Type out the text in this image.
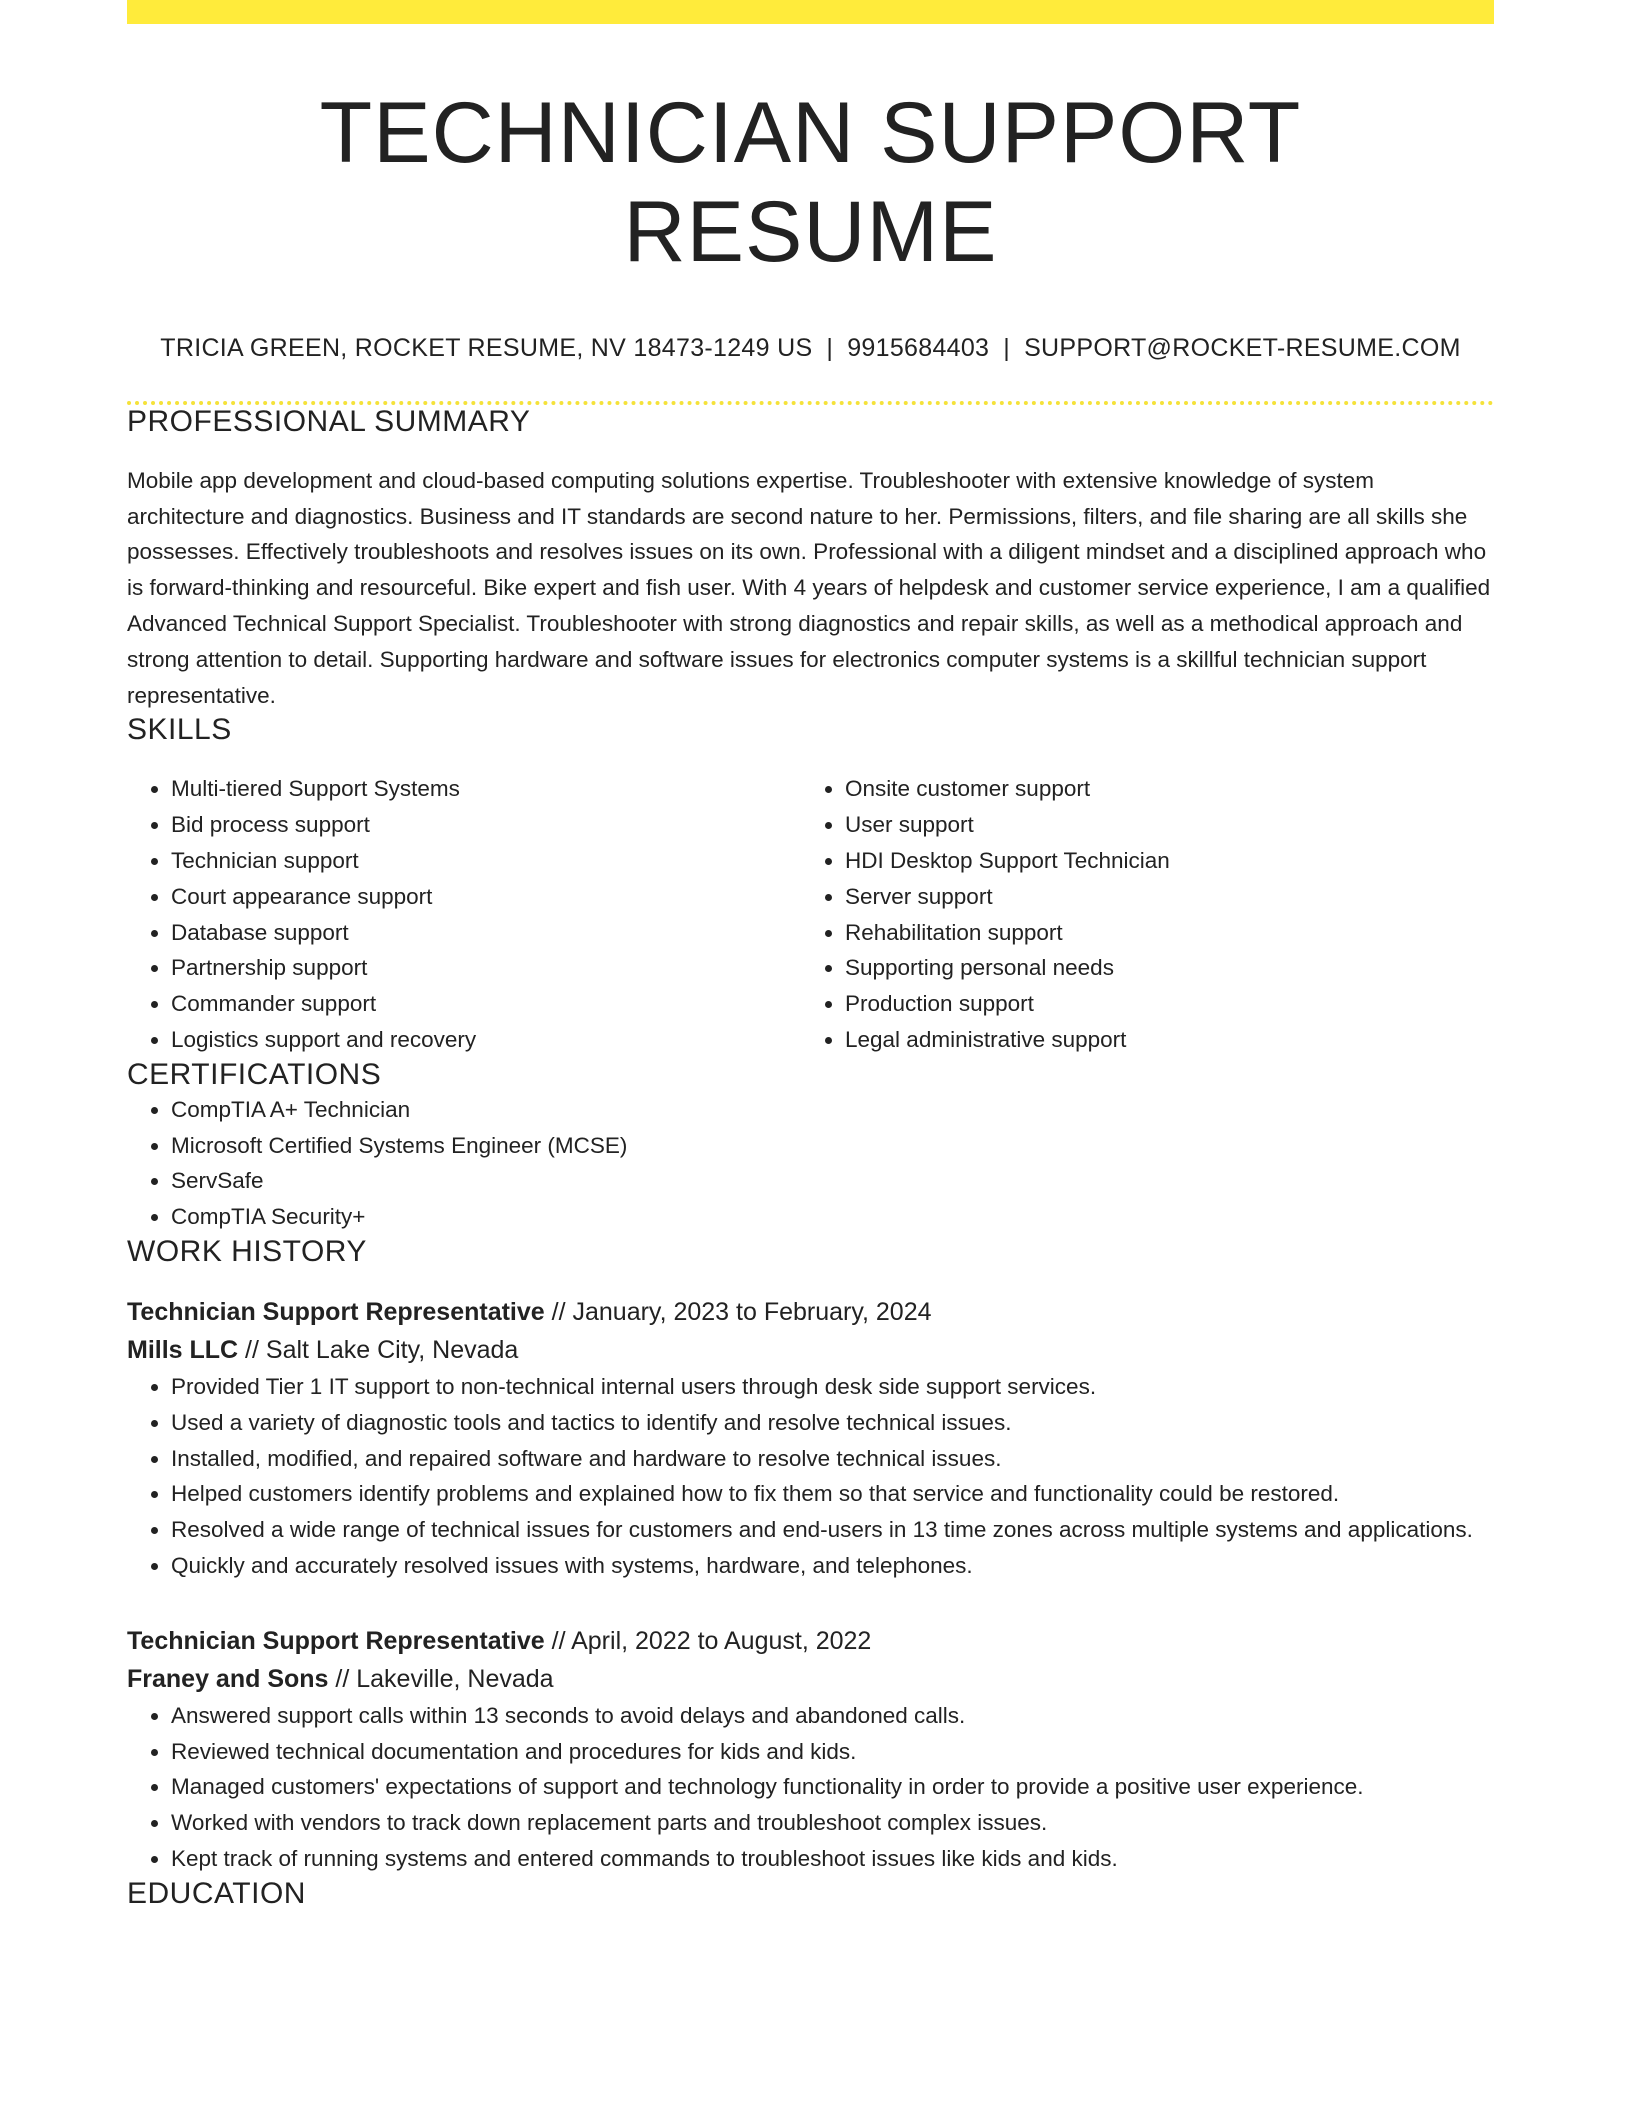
TECHNICIAN SUPPORT RESUME
TRICIA GREEN, ROCKET RESUME, NV 18473-1249 US | 9915684403 | SUPPORT@ROCKET-RESUME.COM
PROFESSIONAL SUMMARY

Mobile app development and cloud-based computing solutions expertise. Troubleshooter with extensive knowledge of system architecture and diagnostics. Business and IT standards are second nature to her. Permissions, filters, and file sharing are all skills she possesses. Effectively troubleshoots and resolves issues on its own. Professional with a diligent mindset and a disciplined approach who is forward-thinking and resourceful. Bike expert and fish user. With 4 years of helpdesk and customer service experience, I am a qualified Advanced Technical Support Specialist. Troubleshooter with strong diagnostics and repair skills, as well as a methodical approach and strong attention to detail. Supporting hardware and software issues for electronics computer systems is a skillful technician support representative.

SKILLS
• Multi-tiered Support Systems
• Bid process support
• Technician support
• Court appearance support
• Database support
• Partnership support
• Commander support
• Logistics support and recovery
• Onsite customer support
• User support
• HDI Desktop Support Technician
• Server support
• Rehabilitation support
• Supporting personal needs
• Production support
• Legal administrative support
CERTIFICATIONS
• CompTIA A+ Technician
• Microsoft Certified Systems Engineer (MCSE)
• ServSafe
• CompTIA Security+
WORK HISTORY
Technician Support Representative // January, 2023 to February, 2024
Mills LLC // Salt Lake City, Nevada
• Provided Tier 1 IT support to non-technical internal users through desk side support services.
• Used a variety of diagnostic tools and tactics to identify and resolve technical issues.
• Installed, modified, and repaired software and hardware to resolve technical issues.
• Helped customers identify problems and explained how to fix them so that service and functionality could be restored.
• Resolved a wide range of technical issues for customers and end-users in 13 time zones across multiple systems and applications.
• Quickly and accurately resolved issues with systems, hardware, and telephones.
Technician Support Representative // April, 2022 to August, 2022
Franey and Sons // Lakeville, Nevada
• Answered support calls within 13 seconds to avoid delays and abandoned calls.
• Reviewed technical documentation and procedures for kids and kids.
• Managed customers' expectations of support and technology functionality in order to provide a positive user experience.
• Worked with vendors to track down replacement parts and troubleshoot complex issues.
• Kept track of running systems and entered commands to troubleshoot issues like kids and kids.
EDUCATION
